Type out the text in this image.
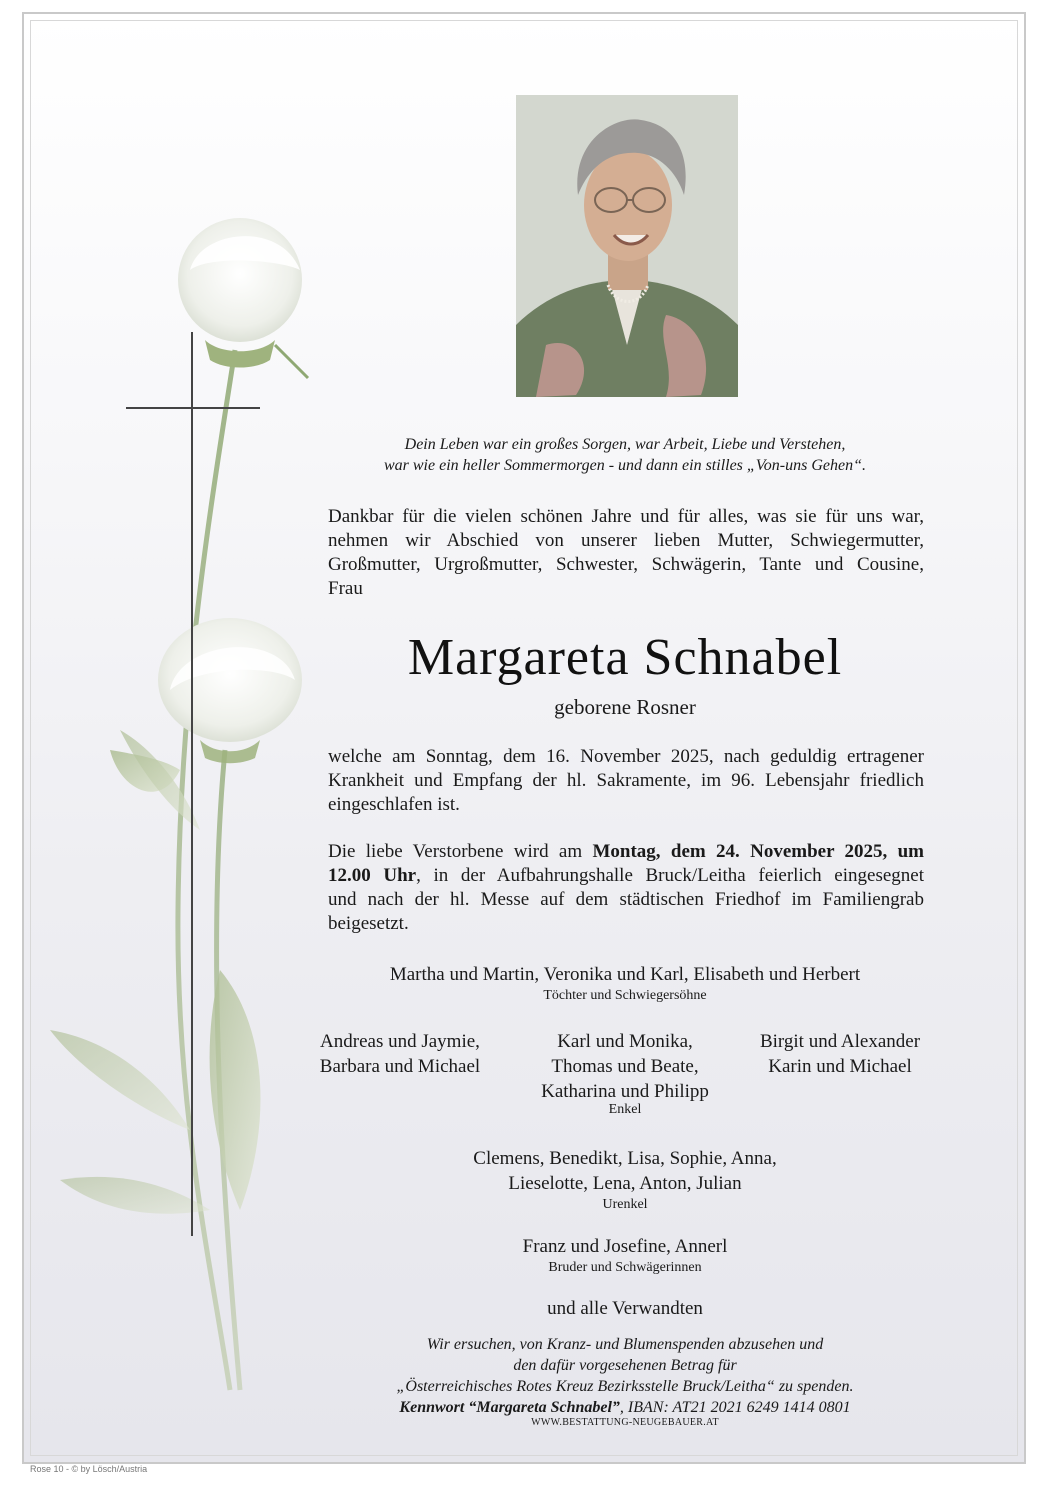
Dein Leben war ein großes Sorgen, war Arbeit, Liebe und Verstehen,
war wie ein heller Sommermorgen - und dann ein stilles „Von-uns Gehen“.
Dankbar für die vielen schönen Jahre und für alles, was sie für uns war,
nehmen wir Abschied von unserer lieben Mutter, Schwiegermutter,
Großmutter, Urgroßmutter, Schwester, Schwägerin, Tante und Cousine,
Frau
Margareta Schnabel
geborene Rosner
welche am Sonntag, dem 16. November 2025, nach geduldig ertragener
Krankheit und Empfang der hl. Sakramente, im 96. Lebensjahr friedlich
eingeschlafen ist.
Die liebe Verstorbene wird am Montag, dem 24. November 2025, um
12.00 Uhr, in der Aufbahrungshalle Bruck/Leitha feierlich eingesegnet
und nach der hl. Messe auf dem städtischen Friedhof im Familiengrab
beigesetzt.
Martha und Martin, Veronika und Karl, Elisabeth und Herbert
Töchter und Schwiegersöhne
Andreas und Jaymie,
Barbara und Michael
Karl und Monika,
Thomas und Beate,
Katharina und Philipp
Birgit und Alexander
Karin und Michael
Enkel
Clemens, Benedikt, Lisa, Sophie, Anna,
Lieselotte, Lena, Anton, Julian
Urenkel
Franz und Josefine, Annerl
Bruder und Schwägerinnen
und alle Verwandten
Wir ersuchen, von Kranz- und Blumenspenden abzusehen und
den dafür vorgesehenen Betrag für
„Österreichisches Rotes Kreuz Bezirksstelle Bruck/Leitha“ zu spenden.
Kennwort “Margareta Schnabel”, IBAN: AT21 2021 6249 1414 0801
WWW.BESTATTUNG-NEUGEBAUER.AT
Rose 10 - © by Lösch/Austria
